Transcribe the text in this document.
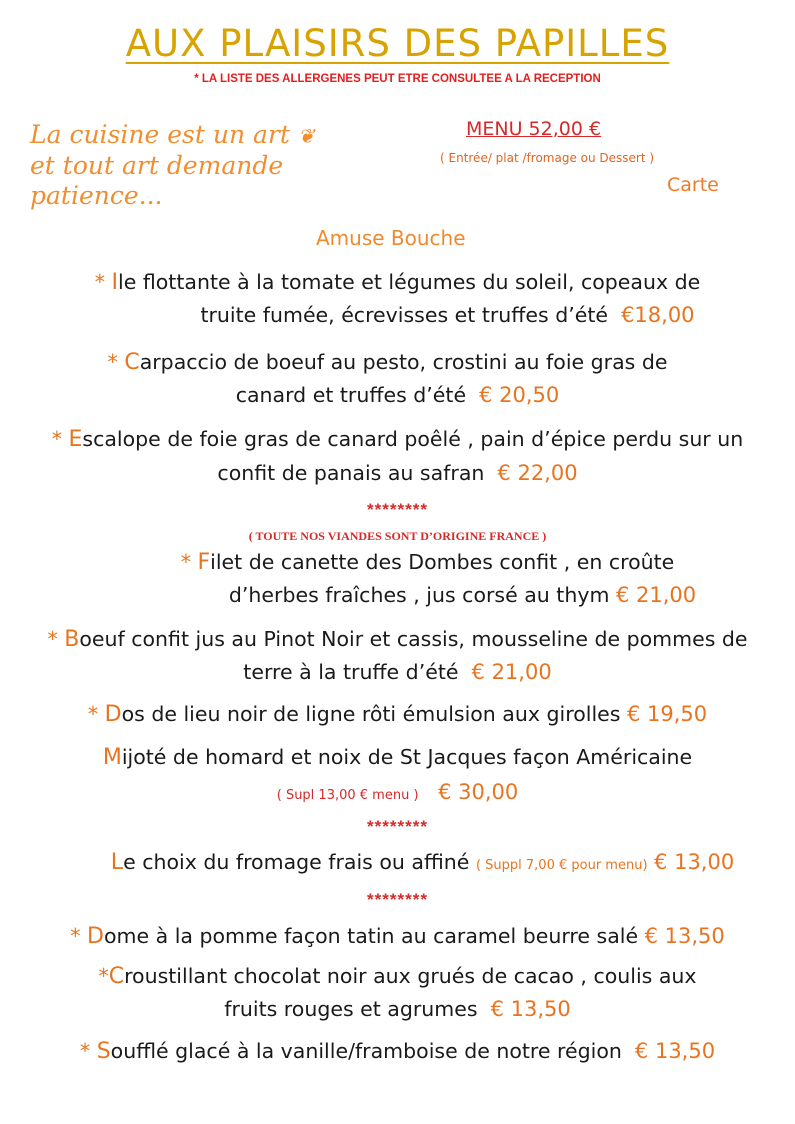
AUX PLAISIRS DES PAPILLES
* LA LISTE DES ALLERGENES PEUT ETRE CONSULTEE A LA RECEPTION
La cuisine est un art ❦
et tout art demande patience...
MENU 52,00 €
( Entrée/ plat /fromage ou Dessert )
Carte
Amuse Bouche
* Ile flottante à la tomate et légumes du soleil, copeaux de
truite fumée, écrevisses et truffes d’été €18,00
* Carpaccio de boeuf au pesto, crostini au foie gras de
canard et truffes d’été € 20,50
* Escalope de foie gras de canard poêlé , pain d’épice perdu sur un
confit de panais au safran € 22,00
********
( TOUTE NOS VIANDES SONT D’ORIGINE FRANCE )
* Filet de canette des Dombes confit , en croûte
d’herbes fraîches , jus corsé au thym € 21,00
* Boeuf confit jus au Pinot Noir et cassis, mousseline de pommes de
terre à la truffe d’été € 21,00
* Dos de lieu noir de ligne rôti émulsion aux girolles € 19,50
Mijoté de homard et noix de St Jacques façon Américaine
( Supl 13,00 € menu ) € 30,00
********
Le choix du fromage frais ou affiné ( Suppl 7,00 € pour menu) € 13,00
********
* Dome à la pomme façon tatin au caramel beurre salé € 13,50
*Croustillant chocolat noir aux grués de cacao , coulis aux
fruits rouges et agrumes € 13,50
* Soufflé glacé à la vanille/framboise de notre région € 13,50
